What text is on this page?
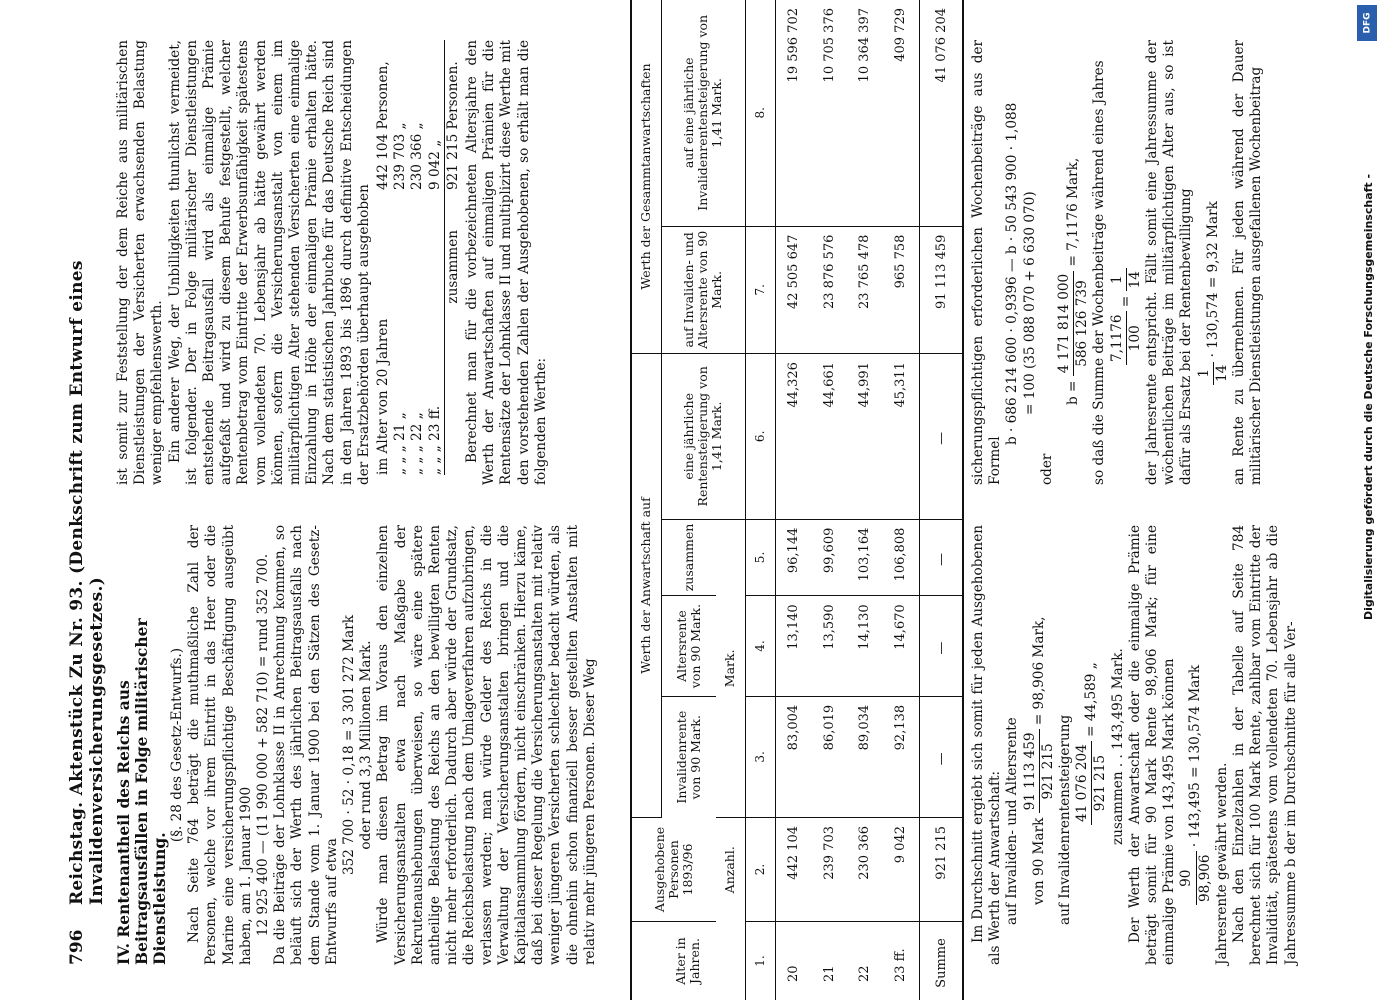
796
Reichstag. Aktenstück Zu Nr. 93. (Denkschrift zum Entwurf eines Invalidenversicherungsgesetzes.) IV. Rentenantheil des Reichs aus Beitragsausfällen in Folge militärischer Dienstleistung.

(§. 28 des Gesetz-Entwurfs.) Nach Seite 764 beträgt die muthmaßliche Zahl der Personen, welche vor ihrem Eintritt in das Heer oder die Marine eine versicherungspflichtige Beschäftigung ausgeübt haben, am 1. Januar 1900 12 925 400 — (11 990 000 + 582 710) = rund 352 700. Da die Beiträge der Lohnklasse II in Anrechnung kommen, so beläuft sich der Werth des jährlichen Beitragsausfalls nach dem Stande vom 1. Januar 1900 bei den Sätzen des Gesetz-Entwurfs auf etwa

352 700 · 52 · 0,18 = 3 301 272 Mark oder rund 3,3 Millionen Mark. Würde man diesen Betrag im Voraus den einzelnen Versicherungsanstalten etwa nach Maßgabe der Rekrutenaushebungen überweisen, so wäre eine spätere antheilige Belastung des Reichs an den bewilligten Renten nicht mehr erforderlich. Dadurch aber würde der Grundsatz, die Reichsbelastung nach dem Umlageverfahren aufzubringen, verlassen werden; man würde Gelder des Reichs in die Verwaltung der Versicherungsanstalten bringen und die Kapitalansammlung fördern, nicht einschränken. Hierzu käme, daß bei dieser Regelung die Versicherungsanstalten mit relativ weniger jüngeren Versicherten schlechter bedacht würden, als die ohnehin schon finanziell besser gestellten Anstalten mit relativ mehr jüngeren Personen. Dieser Weg

ist somit zur Feststellung der dem Reiche aus militärischen Dienstleistungen der Versicherten erwachsenden Belastung weniger empfehlenswerth. Ein anderer Weg, der Unbilligkeiten thunlichst vermeidet, ist folgender. Der in Folge militärischer Dienstleistungen entstehende Beitragsausfall wird als einmalige Prämie aufgefaßt und wird zu diesem Behufe festgestellt, welcher Rentenbetrag vom Eintritte der Erwerbsunfähigkeit spätestens vom vollendeten 70. Lebensjahr ab hätte gewährt werden können, sofern die Versicherungsanstalt von einem im militärpflichtigen Alter stehenden Versicherten eine einmalige Einzahlung in Höhe der einmaligen Prämie erhalten hätte. Nach dem statistischen Jahrbuche für das Deutsche Reich sind in den Jahren 1893 bis 1896 durch definitive Entscheidungen der Ersatzbehörden überhaupt ausgehoben im Alter von 20 Jahren
442 104 Personen,
„ „ „ 21 „
239 703 „
„ „ „ 22 „
230 366 „
„ „ „ 23 ff.
9 042 „
zusammen
921 215 Personen. Berechnet man für die vorbezeichneten Altersjahre den Werth der Anwartschaften auf einmaligen Prämien für die Rentensätze der Lohnklasse II und multiplizirt diese Werthe mit den vorstehenden Zahlen der Ausgehobenen, so erhält man die folgenden Werthe:

Alter in Jahren.	Ausgehobene Personen 1893/96	Werth der Anwartschaft auf				Werth der Gesammtanwartschaften	
		Invalidenrente von 90 Mark.	Altersrente von 90 Mark.	zusammen	eine jährliche Rentensteigerung von 1,41 Mark.	auf Invaliden- und Altersrente von 90 Mark.	auf eine jährliche Invalidenrentensteigerung von 1,41 Mark.
	Anzahl.	Mark.					
1.	2.	3.	4.	5.	6.	7.	8.
20	442 104	83,004	13,140	96,144	44,326	42 505 647	19 596 702
21	239 703	86,019	13,590	99,609	44,661	23 876 576	10 705 376
22	230 366	89,034	14,130	103,164	44,991	23 765 478	10 364 397
23 ff.	9 042	92,138	14,670	106,808	45,311	965 758	409 729
Summe	921 215	—	—	—	—	91 113 459	41 076 204

Im Durchschnitt ergiebt sich somit für jeden Ausgehobenen als Werth der Anwartschaft: auf Invaliden- und Altersrente von 90 Mark
91 113 459 921 215
= 98,906 Mark,

auf Invalidenrentensteigerung 41 076 204 921 215
= 44,589 „ zusammen . . 143,495 Mark. Der Werth der Anwartschaft oder die einmalige Prämie beträgt somit für 90 Mark Rente 98,906 Mark; für eine einmalige Prämie von 143,495 Mark können 90 98,906
· 143,495 = 130,574 Mark

Jahresrente gewährt werden. Nach den Einzelzahlen in der Tabelle auf Seite 784 berechnet sich für 100 Mark Rente, zahlbar vom Eintritte der Invalidität, spätestens vom vollendeten 70. Lebensjahr ab die Jahressumme b der im Durchschnitte für alle Ver-

sicherungspflichtigen erforderlichen Wochenbeiträge aus der Formel

b · 686 214 600 · 0,9396 — b · 50 543 900 · 1,088 = 100 (35 088 070 + 6 630 070)

oder

b =
4 171 814 000 586 126 739
= 7,1176 Mark, so daß die Summe der Wochenbeiträge während eines Jahres 7,1176 100
=
1 14 der Jahresrente entspricht. Fällt somit eine Jahressumme der wöchentlichen Beiträge im militärpflichtigen Alter aus, so ist dafür als Ersatz bei der Rentenbewilligung 1 14
· 130,574 = 9,32 Mark an Rente zu übernehmen. Für jeden während der Dauer militärischer Dienstleistungen ausgefallenen Wochenbeitrag

DFG
Digitalisierung gefördert durch die Deutsche Forschungsgemeinschaft -
